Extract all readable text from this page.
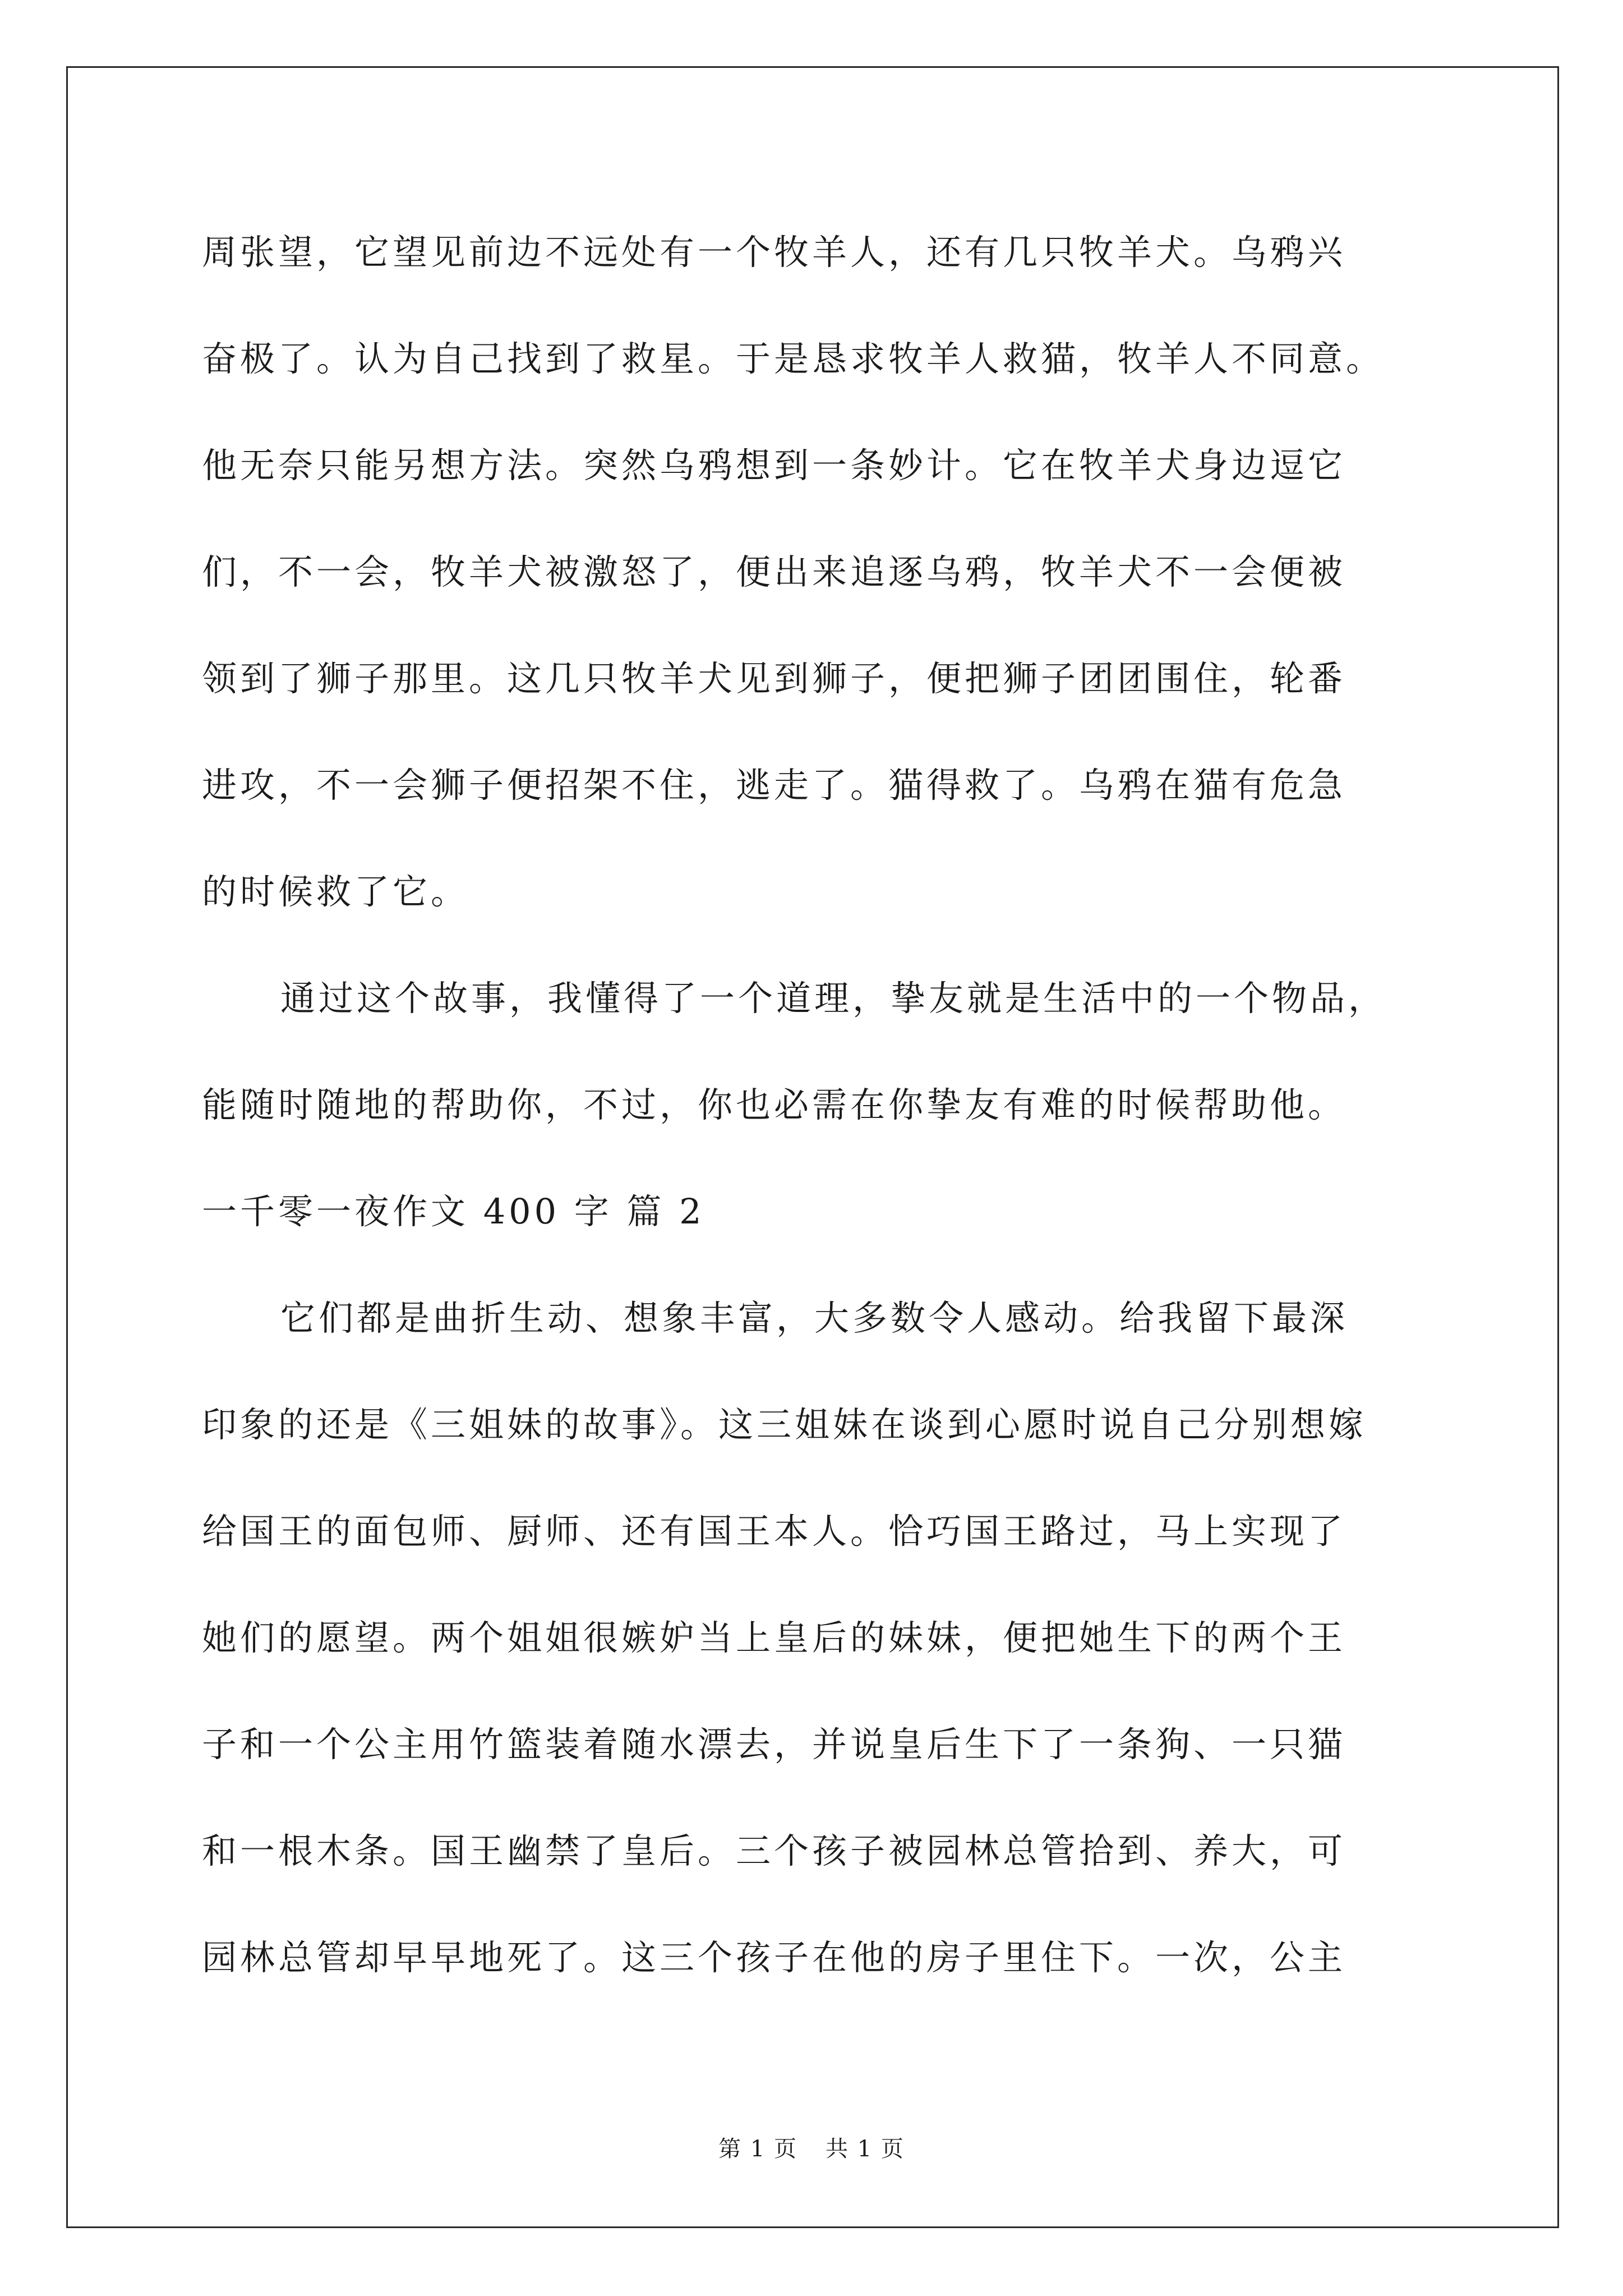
周张望，它望见前边不远处有一个牧羊人，还有几只牧羊犬。乌鸦兴
奋极了。认为自己找到了救星。于是恳求牧羊人救猫，牧羊人不同意。
他无奈只能另想方法。突然乌鸦想到一条妙计。它在牧羊犬身边逗它
们，不一会，牧羊犬被激怒了，便出来追逐乌鸦，牧羊犬不一会便被
领到了狮子那里。这几只牧羊犬见到狮子，便把狮子团团围住，轮番
进攻，不一会狮子便招架不住，逃走了。猫得救了。乌鸦在猫有危急
的时候救了它。
通过这个故事，我懂得了一个道理，挚友就是生活中的一个物品，
能随时随地的帮助你，不过，你也必需在你挚友有难的时候帮助他。
一千零一夜作文 400 字 篇 2
它们都是曲折生动、想象丰富，大多数令人感动。给我留下最深
印象的还是《三姐妹的故事》。这三姐妹在谈到心愿时说自己分别想嫁
给国王的面包师、厨师、还有国王本人。恰巧国王路过，马上实现了
她们的愿望。两个姐姐很嫉妒当上皇后的妹妹，便把她生下的两个王
子和一个公主用竹篮装着随水漂去，并说皇后生下了一条狗、一只猫
和一根木条。国王幽禁了皇后。三个孩子被园林总管拾到、养大，可
园林总管却早早地死了。这三个孩子在他的房子里住下。一次，公主
第 1 页 共 1 页
